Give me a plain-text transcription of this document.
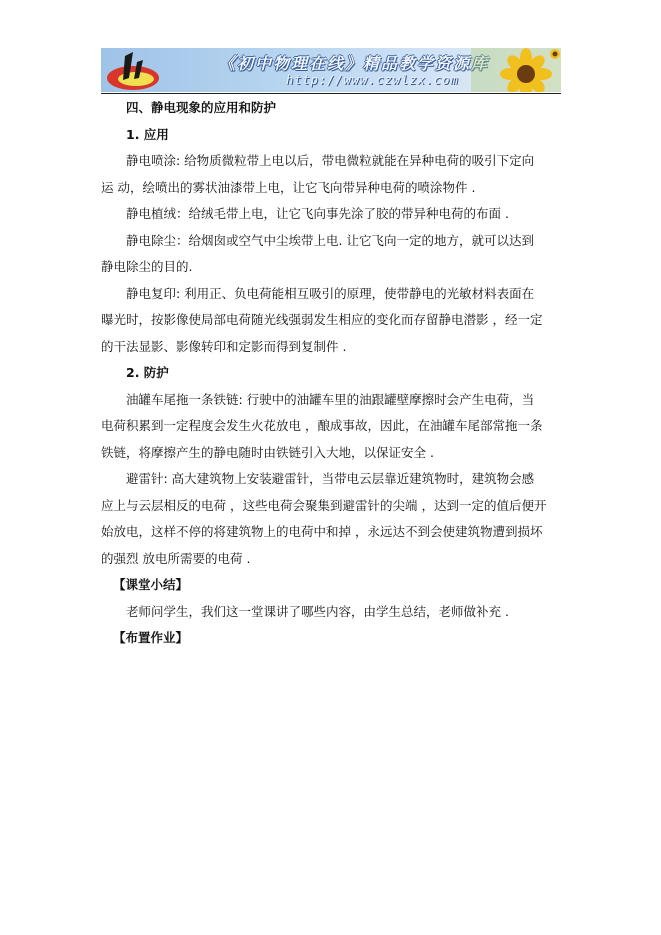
《初中物理在线》精品教学资源库
http://www.czwlzx.com
四、静电现象的应用和防护
1. 应用
静电喷涂: 给物质微粒带上电以后，带电微粒就能在异种电荷的吸引下定向
运 动，绘喷出的雾状油漆带上电，让它飞向带异种电荷的喷涂物件 .
静电植绒：给绒毛带上电，让它飞向事先涂了胶的带异种电荷的布面 .
静电除尘：给烟囱或空气中尘埃带上电. 让它飞向一定的地方，就可以达到
静电除尘的目的.
静电复印: 利用正、负电荷能相互吸引的原理，使带静电的光敏材料表面在
曝光时，按影像使局部电荷随光线强弱发生相应的变化而存留静电潜影 ，经一定
的干法显影、影像转印和定影而得到复制件 .
2. 防护
油罐车尾拖一条铁链: 行驶中的油罐车里的油跟罐壁摩擦时会产生电荷，当
电荷积累到一定程度会发生火花放电 ，酿成事故，因此，在油罐车尾部常拖一条
铁链，将摩擦产生的静电随时由铁链引入大地，以保证安全 .
避雷针: 高大建筑物上安装避雷针，当带电云层靠近建筑物时，建筑物会感
应上与云层相反的电荷 ，这些电荷会聚集到避雷针的尖端 ，达到一定的值后便开
始放电，这样不停的将建筑物上的电荷中和掉 ，永远达不到会使建筑物遭到损坏
的强烈 放电所需要的电荷 .
【课堂小结】
老师问学生，我们这一堂课讲了哪些内容，由学生总结，老师做补充 .
【布置作业】
